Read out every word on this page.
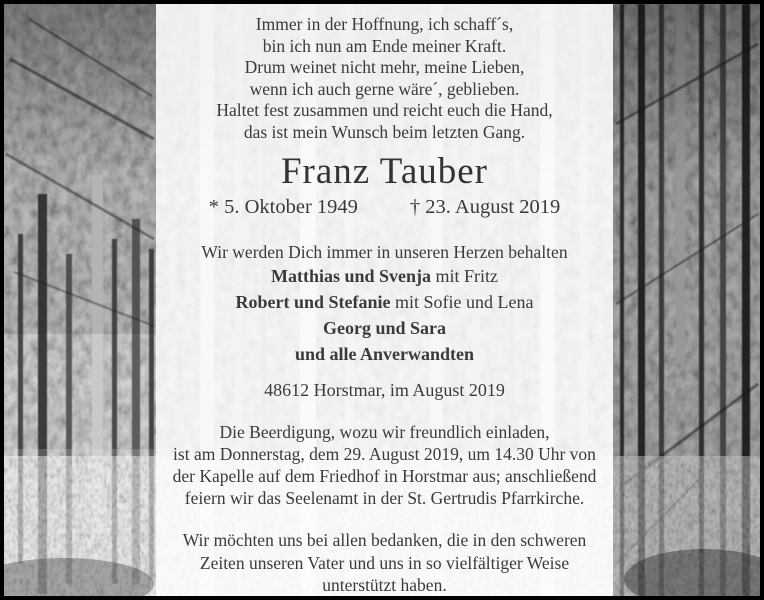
Immer in der Hoffnung, ich schaff´s,
bin ich nun am Ende meiner Kraft.
Drum weinet nicht mehr, meine Lieben,
wenn ich auch gerne wäre´, geblieben.
Haltet fest zusammen und reicht euch die Hand,
das ist mein Wunsch beim letzten Gang.
Franz Tauber
* 5. Oktober 1949	† 23. August 2019
Wir werden Dich immer in unseren Herzen behalten
Matthias und Svenja mit Fritz
Robert und Stefanie mit Sofie und Lena
Georg und Sara
und alle Anverwandten
48612 Horstmar, im August 2019
Die Beerdigung, wozu wir freundlich einladen,
ist am Donnerstag, dem 29. August 2019, um 14.30 Uhr von
der Kapelle auf dem Friedhof in Horstmar aus; anschließend
feiern wir das Seelenamt in der St. Gertrudis Pfarrkirche.
Wir möchten uns bei allen bedanken, die in den schweren
Zeiten unseren Vater und uns in so vielfältiger Weise
unterstützt haben.
